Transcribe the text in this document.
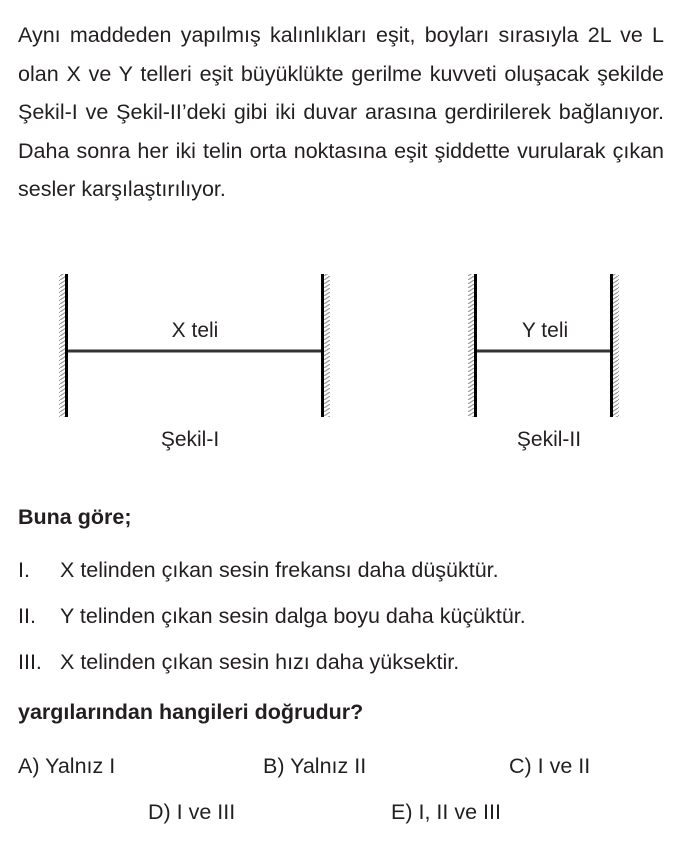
Aynı maddeden yapılmış kalınlıkları eşit, boyları sırasıyla 2L ve L olan X ve Y telleri eşit büyüklükte gerilme kuvveti oluşacak şekilde Şekil-I ve Şekil-II’deki gibi iki duvar arasına gerdirilerek bağlanıyor. Daha sonra her iki telin orta noktasına eşit şiddette vurularak çıkan sesler karşılaştırılıyor.

X teli
Şekil-I
Y teli
Şekil-II

Buna göre;

I.	X telinden çıkan sesin frekansı daha düşüktür.
II.	Y telinden çıkan sesin dalga boyu daha küçüktür.
III. X telinden çıkan sesin hızı daha yüksektir.

yargılarından hangileri doğrudur?

A) Yalnız I	B) Yalnız II	C) I ve II
D) I ve III	E) I, II ve III
